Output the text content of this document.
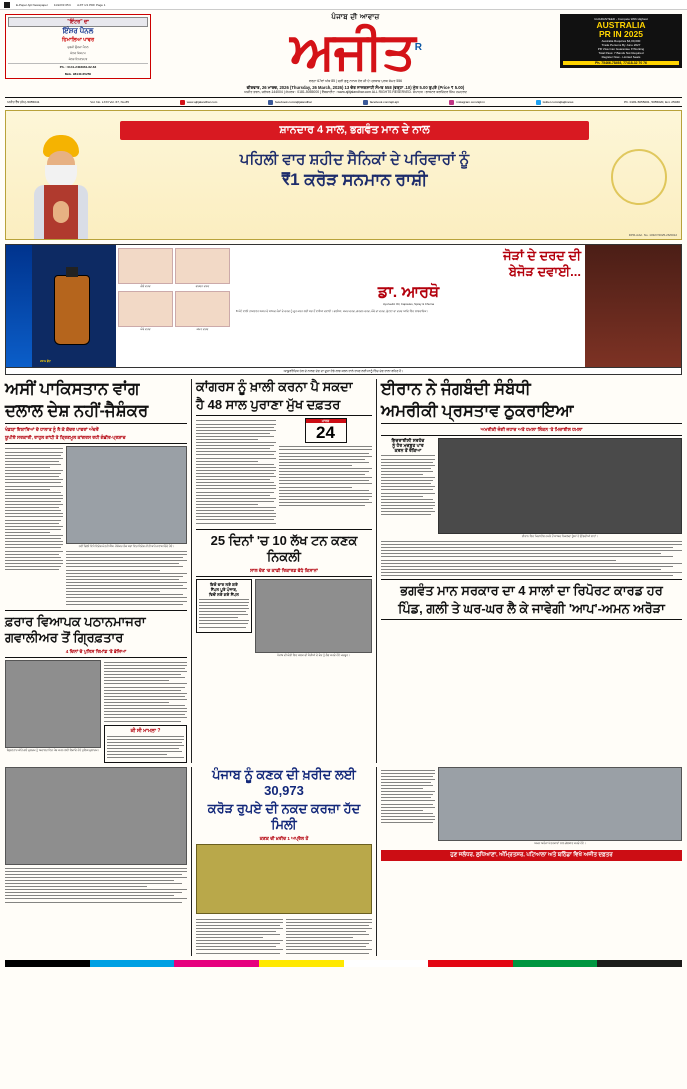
E-Paper Ajit Newspaper 11/2/2/3 05 b AJIT 1/1 PDF Page 1
"ਇੰਟਰ" ਦਾ
ਇੰਸ਼ਰ ਪੈਨਲ
ਹਿਮਾਲਿਆ ਪਾਵਰ
ਸੂਰਜੀ ਊਰਜਾ ਪੈਨਲ
ਸੋਲਰ ਸਿਸਟਮ
ਸੋਲਰ ਇਨਵਰਟਰ
Ph. : 0141-2403961-62-63
Mob. 98140-65250
ਪੰਜਾਬ ਦੀ ਆਵਾਜ਼
ਅਜੀਤ$^R$
ਵਰ੍ਹਾ 67ਵਾਂ ਅੰਕ 85 | ਸ੍ਰੀ ਗੁਰੂ ਨਾਨਕ ਦੇਵ ਜੀ ਦੇ ਪ੍ਰਕਾਸ਼ ਪੁਰਬ ਸੰਮਤ 556
ਵੀਰਵਾਰ, 26 ਮਾਰਚ, 2026 (Thursday, 26 March, 2026) 13 ਚੇਤ ਨਾਨਕਸ਼ਾਹੀ ਸੰਮਤ 558 (ਵਰ੍ਹਾ .10) ਮੁੱਲ 5.00 ਰੁਪਏ (Price ₹ 5.00)
ਅਜੀਤ ਭਵਨ, ਜਲੰਧਰ-144004 | ਸੰਪਰਕ : 0181-5055000 | ਵੈੱਬਸਾਈਟ : www.ajitjalandhar.com ALL RIGHTS RESERVED. ਸੰਪਾਦਕ : ਡਾਕਟਰ ਬਰਜਿੰਦਰ ਸਿੰਘ ਹਮਦਰਦ
GUARANTEED - Compete With Highest
AUSTRALIA
PR IN 2025
Australia Requires $4,00,000
Trade Persons By June 2027
PR Visa Can Guarantee If Working
Total Pass: 7 Bands Not Required
Register Now - Limited Seats
Ph. 75466-78493, 77418-32 70 76
ਅਜੀਤ ਵੈੱਬ (ਸੋਮ)-5055041	Vol. No. LXXI Vol. 67, No.85	www.ajitjalandhar.com	facebook.com/ajitjalandhar	facebook.com/ajit.ajit	instagram.com/ajit.in	twitter.com/ajitajitnews	Ph. 0181-5055001, 5055020, Ext. 25030
ਸ਼ਾਨਦਾਰ 4 ਸਾਲ, ਭਗਵੰਤ ਮਾਨ ਦੇ ਨਾਲ
ਪਹਿਲੀ ਵਾਰ ਸ਼ਹੀਦ ਸੈਨਿਕਾਂ ਦੇ ਪਰਿਵਾਰਾਂ ਨੂੰ
₹1 ਕਰੋੜ ਸਨਮਾਨ ਰਾਸ਼ੀ
DPR-Advt. No. 10327/2025-26/0012
20% ਛੋਟ
ਗੋਡੇ ਦਰਦ	ਗਰਦਨ ਦਰਦ
ਮੋਢੇ ਦਰਦ	ਕਮਰ ਦਰਦ
ਜੋੜਾਂ ਦੇ ਦਰਦ ਦੀ
ਬੇਜੋੜ ਦਵਾਈ...
ਡਾ. ਆਰਥੋ
Ayurvedic Oil, Capsules, Spray & Churna
8 ਘੰਟੇ ਵਾਲੀ ਤਾਕਤਵਰ ਅਸਰ ਦੇ ਬਾਅਦ ਜੋੜਾਂ ਦੇ ਦਰਦ ਨੂੰ ਦੂਰ ਕਰਨ ਲਈ ਸਭ ਤੋਂ ਵਧੀਆ ਦਵਾਈ। ਗਠੀਆ, ਕਮਰ ਦਰਦ, ਗਰਦਨ ਦਰਦ, ਮੋਢੇ ਦਾ ਦਰਦ, ਘੁੱਟਣਾ ਦਾ ਦਰਦ ਆਦਿ ਵਿੱਚ ਲਾਭਦਾਇਕ।
ਆਯੂਰਵੈਦਿਕ ਤੇਲ ਦੇ ਨਾਲਣ ਦੇਣ ਦਾ ਦੂਜਾ ਵੱਡੇ ਲਾਭ ਕਰਨ ਵਾਲੇ ਵਧਣ ਲਈ ਸਾਨੂੰ ਵਿੱਚ ਦੇਣ ਵਾਲਾ ਰਹਿਣ ਹੈ।
ਅਸੀਂ ਪਾਕਿਸਤਾਨ ਵਾਂਗ
ਦਲਾਲ ਦੇਸ਼ ਨਹੀਂ-ਜੈਸ਼ੰਕਰ
ਖੰਡਯਾ ਇਸ਼ਾਰਿਆਂ ਦੇ ਹਾਲਾਤ ਨੂੰ ਲੈ ਕੇ ਕੇਂਦਰ ਪਾਵਰਾਂ ਅੰਦਰੋਂ
ਯੂਪੀਏ ਸਰਕਾਰੀ, ਰਾਹੁਲ ਗਾਂਧੀ ਤੇ ਤ੍ਰਿਣਮੂਲ ਕਾਂਗਰਸ ਰਹੀ ਗੰਭੀਰ-ਪ੍ਰਸ਼ਾਦ
ਨਵੀਂ ਦਿੱਲੀ ਵਿਖੇ ਵਿਦੇਸ਼ ਮੰਤਰੀ ਐੱਸ. ਜੈਸ਼ੰਕਰ ਲੋਕ ਸਭਾ ਵਿਚ ਵਿਦੇਸ਼ ਨੀਤੀ ਬਾਰੇ ਜਵਾਬ ਦਿੰਦੇ ਹੋਏ।
ਫ਼ਰਾਰ ਵਿਆਪਕ ਪਠਾਨਮਾਜਰਾ ਗਵਾਲੀਅਰ ਤੋਂ ਗ੍ਰਿਫ਼ਤਾਰ
4 ਦਿਨਾਂ ਦੇ ਪੁਲਿਸ ਰਿਮਾਂਡ 'ਤੇ ਭੇਜਿਆ
ਗ੍ਰਿਫ਼ਤਾਰ ਕੀਤੇ ਗਏ ਮੁਲਜ਼ਮ ਨੂੰ ਅਦਾਲਤ ਵਿਚ ਪੇਸ਼ ਕਰਨ ਲਈ ਲਿਜਾਂਦੇ ਹੋਏ ਪੁਲਿਸ ਮੁਲਾਜ਼ਮ।
ਕੀ ਸੀ ਮਾਮਲਾ ?
ਕਾਂਗਰਸ ਨੂੰ ਖ਼ਾਲੀ ਕਰਨਾ ਪੈ ਸਕਦਾ
ਹੈ 48 ਸਾਲ ਪੁਰਾਣਾ ਮੁੱਖ ਦਫ਼ਤਰ
ਮਾਰਚ
24
25 ਦਿਨਾਂ 'ਚ 10 ਲੱਖ ਟਨ ਕਣਕ ਨਿਕਲੀ
ਸਾਲ ਦੇਣ 'ਚ ਕਾਫ਼ੀ ਰਿਕਾਰਡ ਵੱਧੇ ਕਿਸਾਨਾਂ
ਇਕੋ ਵਾਰ ਲਏ ਗਏ
ਸੈਂਪਲ ਪੂਰੇ ਪੰਜਾਬ,
ਵਿਚੋਂ ਲਏ ਗਏ ਸੈਂਪਲ
ਪੰਜਾਬ ਦੀ ਮੰਡੀ ਵਿਚ ਕਣਕ ਦੀ ਬੋਰੀਆਂ ਦੇ ਢੇਰ ਨੂੰ ਲੋਡ ਕਰਦੇ ਹੋਏ ਮਜ਼ਦੂਰ।
ਈਰਾਨ ਨੇ ਜੰਗਬੰਦੀ ਸੰਬੰਧੀ
ਅਮਰੀਕੀ ਪ੍ਰਸਤਾਵ ਠੁਕਰਾਇਆ
ਅਮਰੀਕੀ ਜੰਗੀ ਜਹਾਜ਼ ਅਤੇ ਹਮਲਾ ਲਿੰਕਨ 'ਤੇ ਮਿਜ਼ਾਈਲ ਹਮਲਾ
ਇਜ਼ਰਾਈਲੀ ਸਰਹੱਦ
ਨੂੰ ਹੋਰ ਮਜ਼ਬੂਤ ਪਾਰ
ਕਰਨ ਤੋਂ ਰੋਕਿਆ
ਈਰਾਨ ਵਿਚ ਮਿਜ਼ਾਈਲ ਹਮਲੇ ਤੋਂ ਬਾਅਦ ਨਿਕਲਦਾ ਧੂੰਆਂ ਤੇ ਉੱਡਦੀਆਂ ਲਾਟਾਂ।
ਭਗਵੰਤ ਮਾਨ ਸਰਕਾਰ ਦਾ 4 ਸਾਲਾਂ ਦਾ ਰਿਪੋਰਟ ਕਾਰਡ ਹਰ
ਪਿੰਡ, ਗਲੀ ਤੇ ਘਰ-ਘਰ ਲੈ ਕੇ ਜਾਵੇਗੀ 'ਆਪ'-ਅਮਨ ਅਰੋੜਾ
ਪੰਜਾਬ ਨੂੰ ਕਣਕ ਦੀ ਖ਼ਰੀਦ ਲਈ 30,973
ਕਰੋੜ ਰੁਪਏ ਦੀ ਨਕਦ ਕਰਜ਼ਾ ਹੱਦ ਮਿਲੀ
ਕਣਕ ਦੀ ਖ਼ਰੀਦ 1 ਅਪ੍ਰੈਲ ਤੋਂ
ਅਮਨ ਅਰੋੜਾ ਪੱਤਰਕਾਰਾਂ ਨਾਲ ਗੱਲਬਾਤ ਕਰਦੇ ਹੋਏ।
ਹੁਣ ਜਲੰਧਰ, ਲੁਧਿਆਣਾ, ਅੰਮ੍ਰਿਤਸਰ, ਪਟਿਆਲਾ ਅਤੇ ਬਠਿੰਡਾ ਵਿਖੇ ਅਜੀਤ ਦਫ਼ਤਰ
